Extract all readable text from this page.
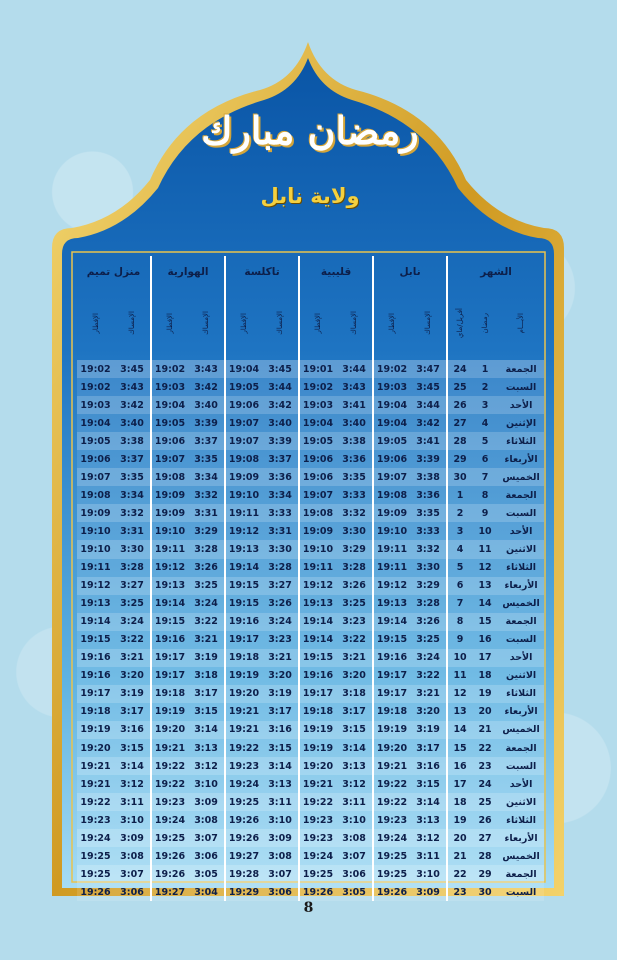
رمضان مبارك
ولاية نابل
الشهر			نابل		قليبية		تاكلسة		الهوارية		منزل تميم	
الأيـــام	رمضان	أفريل/ماي	الإمساك	الإفطار	الإمساك	الإفطار	الإمساك	الإفطار	الإمساك	الإفطار	الإمساك	الإفطار
الجمعة	1	24	3:47	19:02	3:44	19:01	3:45	19:04	3:43	19:02	3:45	19:02
السبت	2	25	3:45	19:03	3:43	19:02	3:44	19:05	3:42	19:03	3:43	19:02
الأحد	3	26	3:44	19:04	3:41	19:03	3:42	19:06	3:40	19:04	3:42	19:03
الإثنين	4	27	3:42	19:04	3:40	19:04	3:40	19:07	3:39	19:05	3:40	19:04
الثلاثاء	5	28	3:41	19:05	3:38	19:05	3:39	19:07	3:37	19:06	3:38	19:05
الأربعاء	6	29	3:39	19:06	3:36	19:06	3:37	19:08	3:35	19:07	3:37	19:06
الخميس	7	30	3:38	19:07	3:35	19:06	3:36	19:09	3:34	19:08	3:35	19:07
الجمعة	8	1	3:36	19:08	3:33	19:07	3:34	19:10	3:32	19:09	3:34	19:08
السبت	9	2	3:35	19:09	3:32	19:08	3:33	19:11	3:31	19:09	3:32	19:09
الأحد	10	3	3:33	19:10	3:30	19:09	3:31	19:12	3:29	19:10	3:31	19:10
الاثنين	11	4	3:32	19:11	3:29	19:10	3:30	19:13	3:28	19:11	3:30	19:10
الثلاثاء	12	5	3:30	19:11	3:28	19:11	3:28	19:14	3:26	19:12	3:28	19:11
الأربعاء	13	6	3:29	19:12	3:26	19:12	3:27	19:15	3:25	19:13	3:27	19:12
الخميس	14	7	3:28	19:13	3:25	19:13	3:26	19:15	3:24	19:14	3:25	19:13
الجمعة	15	8	3:26	19:14	3:23	19:14	3:24	19:16	3:22	19:15	3:24	19:14
السبت	16	9	3:25	19:15	3:22	19:14	3:23	19:17	3:21	19:16	3:22	19:15
الأحد	17	10	3:24	19:16	3:21	19:15	3:21	19:18	3:19	19:17	3:21	19:16
الاثنين	18	11	3:22	19:17	3:20	19:16	3:20	19:19	3:18	19:17	3:20	19:16
الثلاثاء	19	12	3:21	19:17	3:18	19:17	3:19	19:20	3:17	19:18	3:19	19:17
الأربعاء	20	13	3:20	19:18	3:17	19:18	3:17	19:21	3:15	19:19	3:17	19:18
الخميس	21	14	3:19	19:19	3:15	19:19	3:16	19:21	3:14	19:20	3:16	19:19
الجمعة	22	15	3:17	19:20	3:14	19:19	3:15	19:22	3:13	19:21	3:15	19:20
السبت	23	16	3:16	19:21	3:13	19:20	3:14	19:23	3:12	19:22	3:14	19:21
الأحد	24	17	3:15	19:22	3:12	19:21	3:13	19:24	3:10	19:22	3:12	19:21
الاثنين	25	18	3:14	19:22	3:11	19:22	3:11	19:25	3:09	19:23	3:11	19:22
الثلاثاء	26	19	3:13	19:23	3:10	19:23	3:10	19:26	3:08	19:24	3:10	19:23
الأربعاء	27	20	3:12	19:24	3:08	19:23	3:09	19:26	3:07	19:25	3:09	19:24
الخميس	28	21	3:11	19:25	3:07	19:24	3:08	19:27	3:06	19:26	3:08	19:25
الجمعة	29	22	3:10	19:25	3:06	19:25	3:07	19:28	3:05	19:26	3:07	19:25
السبت	30	23	3:09	19:26	3:05	19:26	3:06	19:29	3:04	19:27	3:06	19:26
8
